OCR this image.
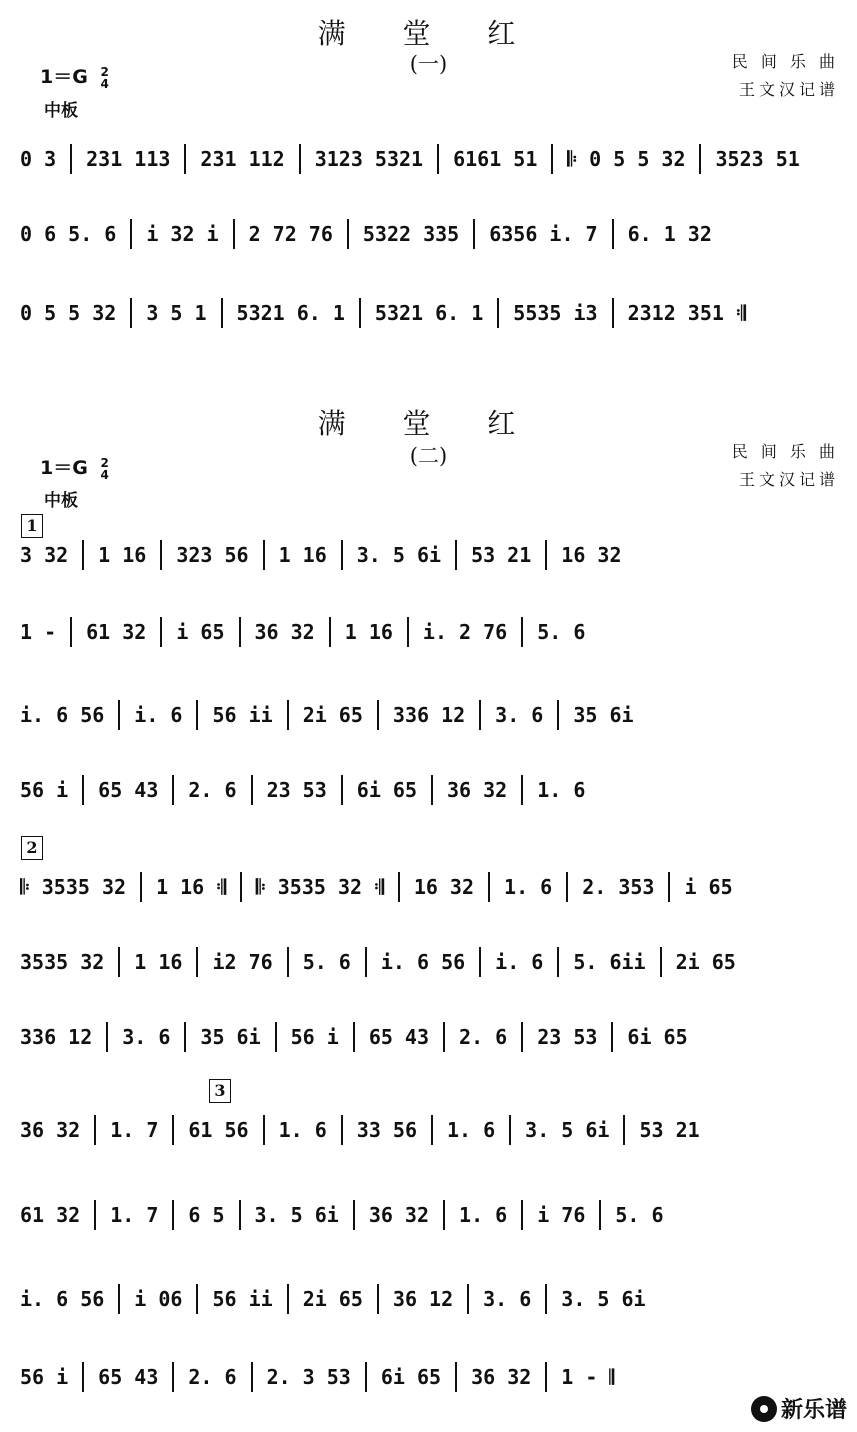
满 堂 红
(一)
1＝G 2
4
中板
民 间 乐 曲
王文汉记谱
0 3 231 113 231 112 3123 5321 6161 51 𝄆 0 5 5 32 3523 51
0 6 5. 6 i 32 i 2 72 76 5322 335 6356 i. 7 6. 1 32
0 5 5 32 3 5 1 5321 6. 1 5321 6. 1 5535 i3 2312 351 𝄇
满 堂 红
(二)
1＝G 2
4
中板
民 间 乐 曲
王文汉记谱
1
2
3
3 32 1 16 323 56 1 16 3. 5 6i 53 21 16 32
1 - 61 32 i 65 36 32 1 16 i. 2 76 5. 6
i. 6 56 i. 6 56 ii 2i 65 336 12 3. 6 35 6i
56 i 65 43 2. 6 23 53 6i 65 36 32 1. 6
𝄆 3535 32 1 16 𝄇 𝄆 3535 32 𝄇 16 32 1. 6 2. 353 i 65
3535 32 1 16 i2 76 5. 6 i. 6 56 i. 6 5. 6ii 2i 65
336 12 3. 6 35 6i 56 i 65 43 2. 6 23 53 6i 65
36 32 1. 7 61 56 1. 6 33 56 1. 6 3. 5 6i 53 21
61 32 1. 7 6 5 3. 5 6i 36 32 1. 6 i 76 5. 6
i. 6 56 i 06 56 ii 2i 65 36 12 3. 6 3. 5 6i
56 i 65 43 2. 6 2. 3 53 6i 65 36 32 1 - 𝄂
新乐谱
